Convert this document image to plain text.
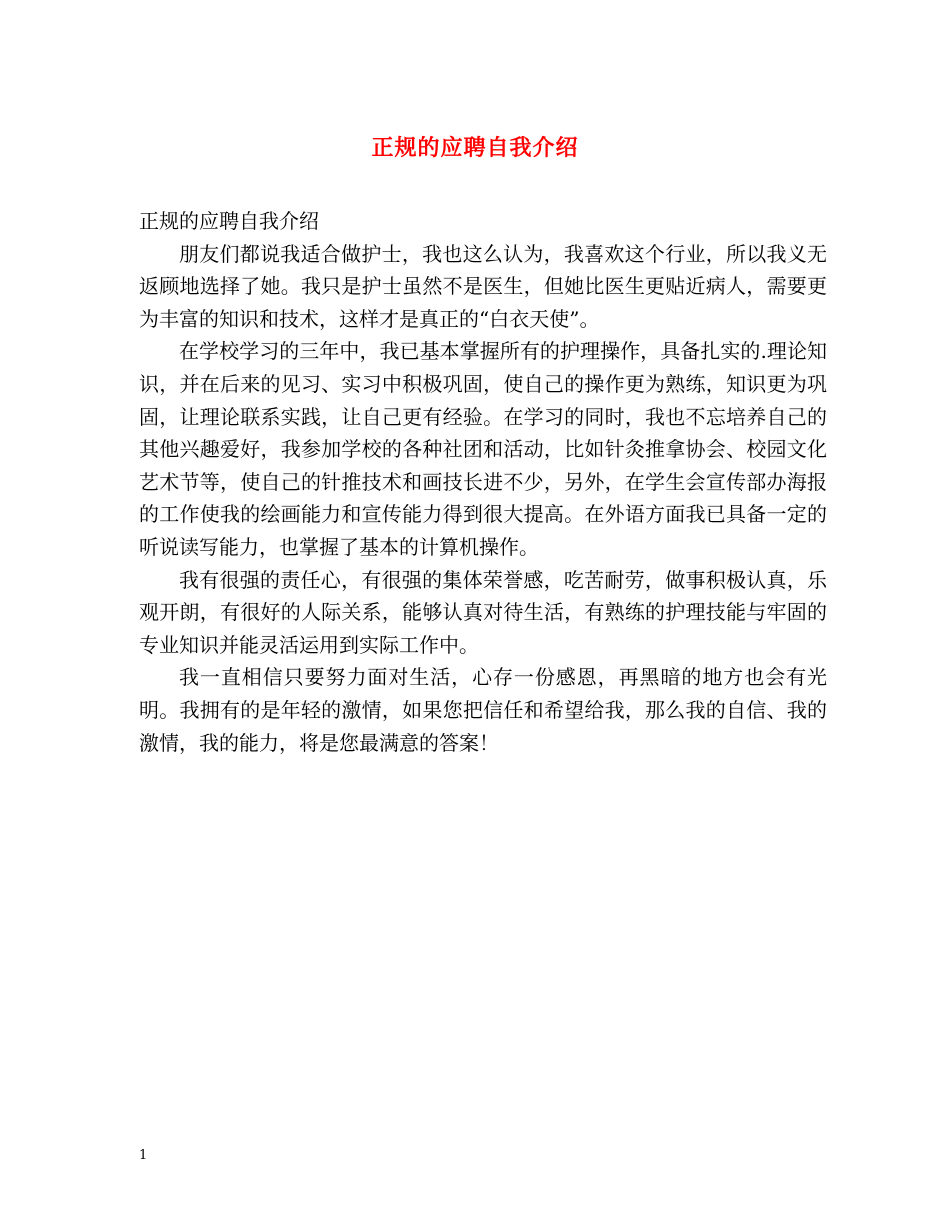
正规的应聘自我介绍

正规的应聘自我介绍

朋友们都说我适合做护士，我也这么认为，我喜欢这个行业，所以我义无返顾地选择了她。我只是护士虽然不是医生，但她比医生更贴近病人，需要更为丰富的知识和技术，这样才是真正的“白衣天使”。

在学校学习的三年中，我已基本掌握所有的护理操作，具备扎实的.理论知识，并在后来的见习、实习中积极巩固，使自己的操作更为熟练，知识更为巩固，让理论联系实践，让自己更有经验。在学习的同时，我也不忘培养自己的其他兴趣爱好，我参加学校的各种社团和活动，比如针灸推拿协会、校园文化艺术节等，使自己的针推技术和画技长进不少，另外，在学生会宣传部办海报的工作使我的绘画能力和宣传能力得到很大提高。在外语方面我已具备一定的听说读写能力，也掌握了基本的计算机操作。

我有很强的责任心，有很强的集体荣誉感，吃苦耐劳，做事积极认真，乐观开朗，有很好的人际关系，能够认真对待生活，有熟练的护理技能与牢固的专业知识并能灵活运用到实际工作中。

我一直相信只要努力面对生活，心存一份感恩，再黑暗的地方也会有光明。我拥有的是年轻的激情，如果您把信任和希望给我，那么我的自信、我的激情，我的能力，将是您最满意的答案！

1
